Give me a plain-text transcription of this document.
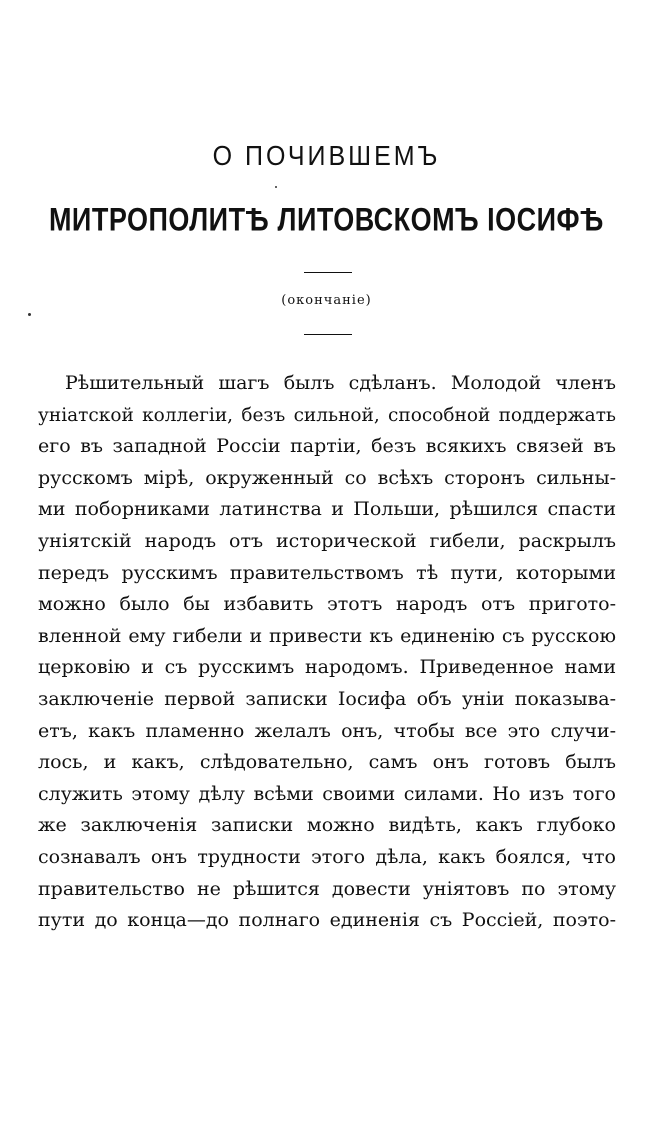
О ПОЧИВШЕМЪ
МИТРОПОЛИТѢ ЛИТОВСКОМЪ ІОСИФѢ
(окончаніе)
Рѣшительный шагъ былъ сдѣланъ. Молодой членъ
уніатской коллегіи, безъ сильной, способной поддержать
его въ западной Россіи партіи, безъ всякихъ связей въ
русскомъ мірѣ, окруженный со всѣхъ сторонъ сильны-
ми поборниками латинства и Польши, рѣшился спасти
уніятскій народъ отъ исторической гибели, раскрылъ
передъ русскимъ правительствомъ тѣ пути, которыми
можно было бы избавить этотъ народъ отъ пригото-
вленной ему гибели и привести къ единенію съ русскою
церковію и съ русскимъ народомъ. Приведенное нами
заключеніе первой записки Іосифа объ уніи показыва-
етъ, какъ пламенно желалъ онъ, чтобы все это случи-
лось, и какъ, слѣдовательно, самъ онъ готовъ былъ
служить этому дѣлу всѣми своими силами. Но изъ того
же заключенія записки можно видѣть, какъ глубоко
сознавалъ онъ трудности этого дѣла, какъ боялся, что
правительство не рѣшится довести уніятовъ по этому
пути до конца—до полнаго единенія съ Россіей, поэто-
